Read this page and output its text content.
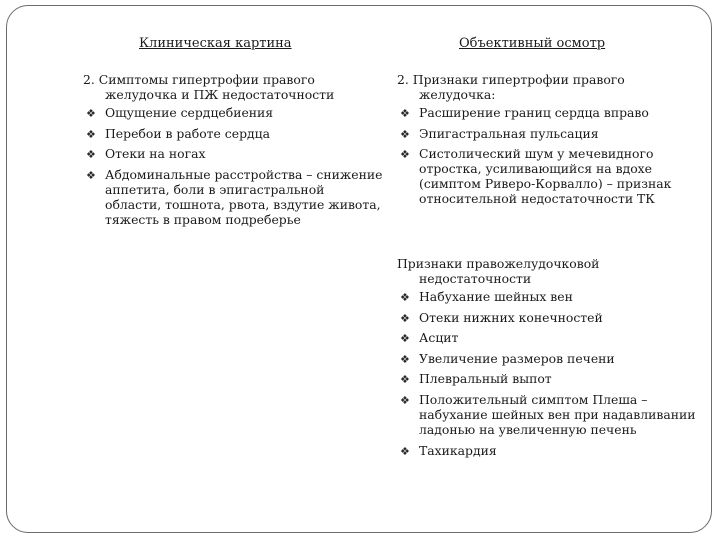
Клиническая картина

2. Симптомы гипертрофии правого
желудочка и ПЖ недостаточности

❖ Ощущение сердцебиения
❖ Перебои в работе сердца
❖ Отеки на ногах
❖ Абдоминальные расстройства – снижение аппетита, боли в эпигастральной области, тошнота, рвота, вздутие живота, тяжесть в правом подреберье
Объективный осмотр

2. Признаки гипертрофии правого
желудочка:

❖ Расширение границ сердца вправо
❖ Эпигастральная пульсация
❖ Систолический шум у мечевидного отростка, усиливающийся на вдохе (симптом Риверо-Корвалло) – признак относительной недостаточности ТК

Признаки правожелудочковой
недостаточности

❖ Набухание шейных вен
❖ Отеки нижних конечностей
❖ Асцит
❖ Увеличение размеров печени
❖ Плевральный выпот
❖ Положительный симптом Плеша – набухание шейных вен при надавливании ладонью на увеличенную печень
❖ Тахикардия
